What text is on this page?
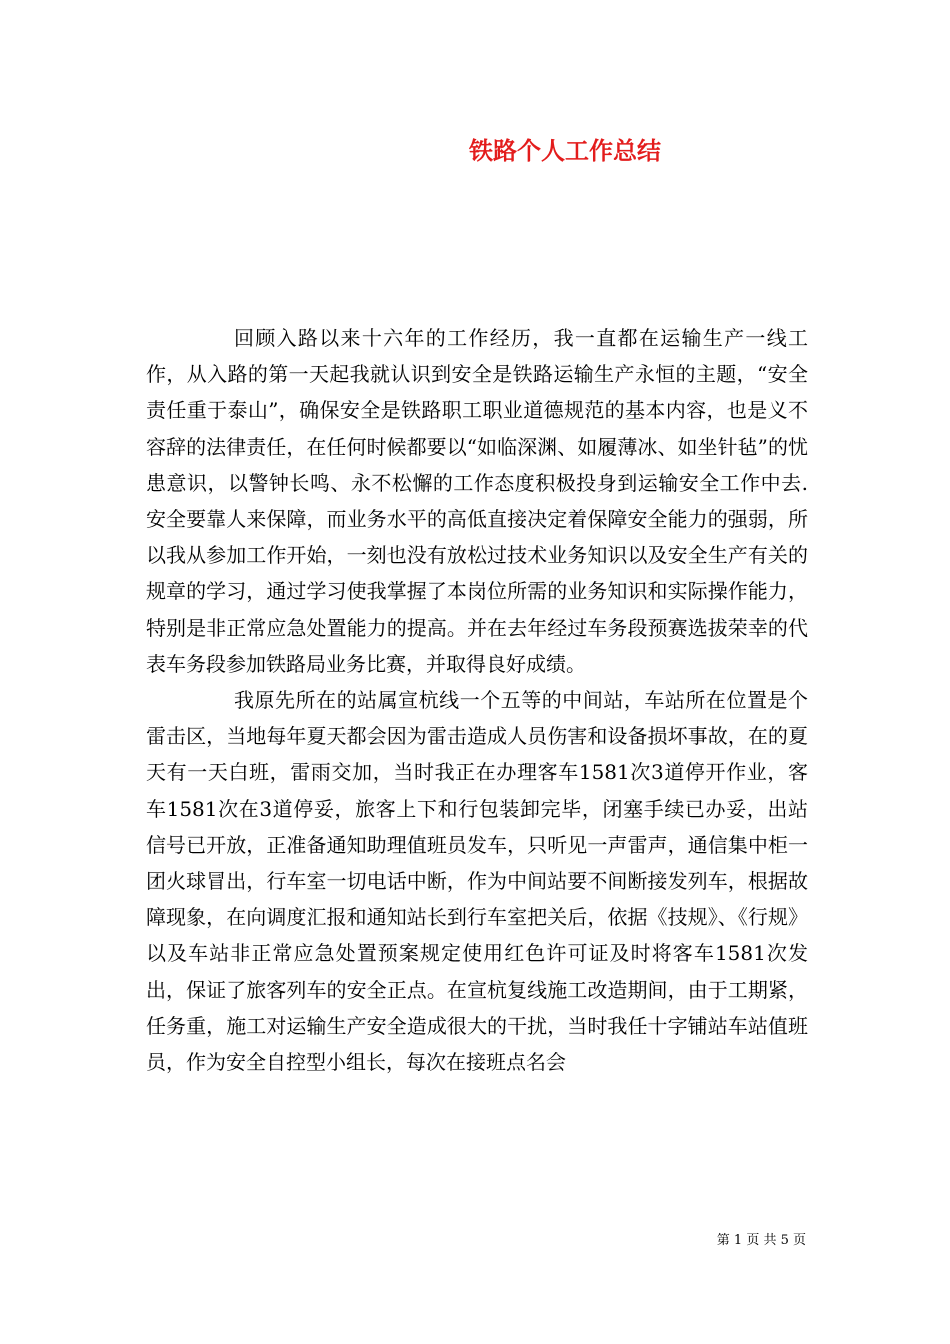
铁路个人工作总结

回顾入路以来十六年的工作经历，我一直都在运输生产一线工作，从入路的第一天起我就认识到安全是铁路运输生产永恒的主题，“安全责任重于泰山”，确保安全是铁路职工职业道德规范的基本内容，也是义不容辞的法律责任，在任何时候都要以“如临深渊、如履薄冰、如坐针毡”的忧患意识，以警钟长鸣、永不松懈的工作态度积极投身到运输安全工作中去.安全要靠人来保障，而业务水平的高低直接决定着保障安全能力的强弱，所以我从参加工作开始，一刻也没有放松过技术业务知识以及安全生产有关的规章的学习，通过学习使我掌握了本岗位所需的业务知识和实际操作能力，特别是非正常应急处置能力的提高。并在去年经过车务段预赛选拔荣幸的代表车务段参加铁路局业务比赛，并取得良好成绩。

我原先所在的站属宣杭线一个五等的中间站，车站所在位置是个雷击区，当地每年夏天都会因为雷击造成人员伤害和设备损坏事故，在的夏天有一天白班，雷雨交加，当时我正在办理客车1581次3道停开作业，客车1581次在3道停妥，旅客上下和行包装卸完毕，闭塞手续已办妥，出站信号已开放，正准备通知助理值班员发车，只听见一声雷声，通信集中柜一团火球冒出，行车室一切电话中断，作为中间站要不间断接发列车，根据故障现象，在向调度汇报和通知站长到行车室把关后，依据《技规》、《行规》以及车站非正常应急处置预案规定使用红色许可证及时将客车1581次发出，保证了旅客列车的安全正点。在宣杭复线施工改造期间，由于工期紧，任务重，施工对运输生产安全造成很大的干扰，当时我任十字铺站车站值班员，作为安全自控型小组长，每次在接班点名会

第 1 页 共 5 页
